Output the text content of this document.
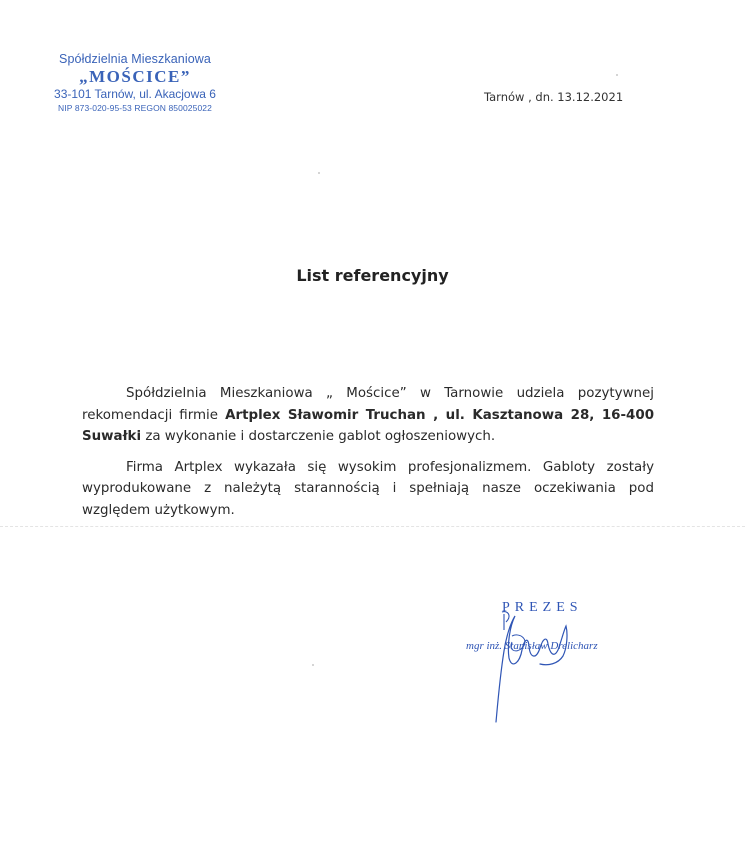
Spółdzielnia Mieszkaniowa
„MOŚCICE”
33-101 Tarnów, ul. Akacjowa 6
NIP 873-020-95-53 REGON 850025022
Tarnów , dn. 13.12.2021
List referencyjny

Spółdzielnia Mieszkaniowa „ Mościce” w Tarnowie udziela pozytywnej rekomendacji firmie Artplex Sławomir Truchan , ul. Kasztanowa 28, 16-400 Suwałki za wykonanie i dostarczenie gablot ogłoszeniowych.

Firma Artplex wykazała się wysokim profesjonalizmem. Gabloty zostały wyprodukowane z należytą starannością i spełniają nasze oczekiwania pod względem użytkowym.

PREZES
mgr inż. Stanisław Drelicharz
